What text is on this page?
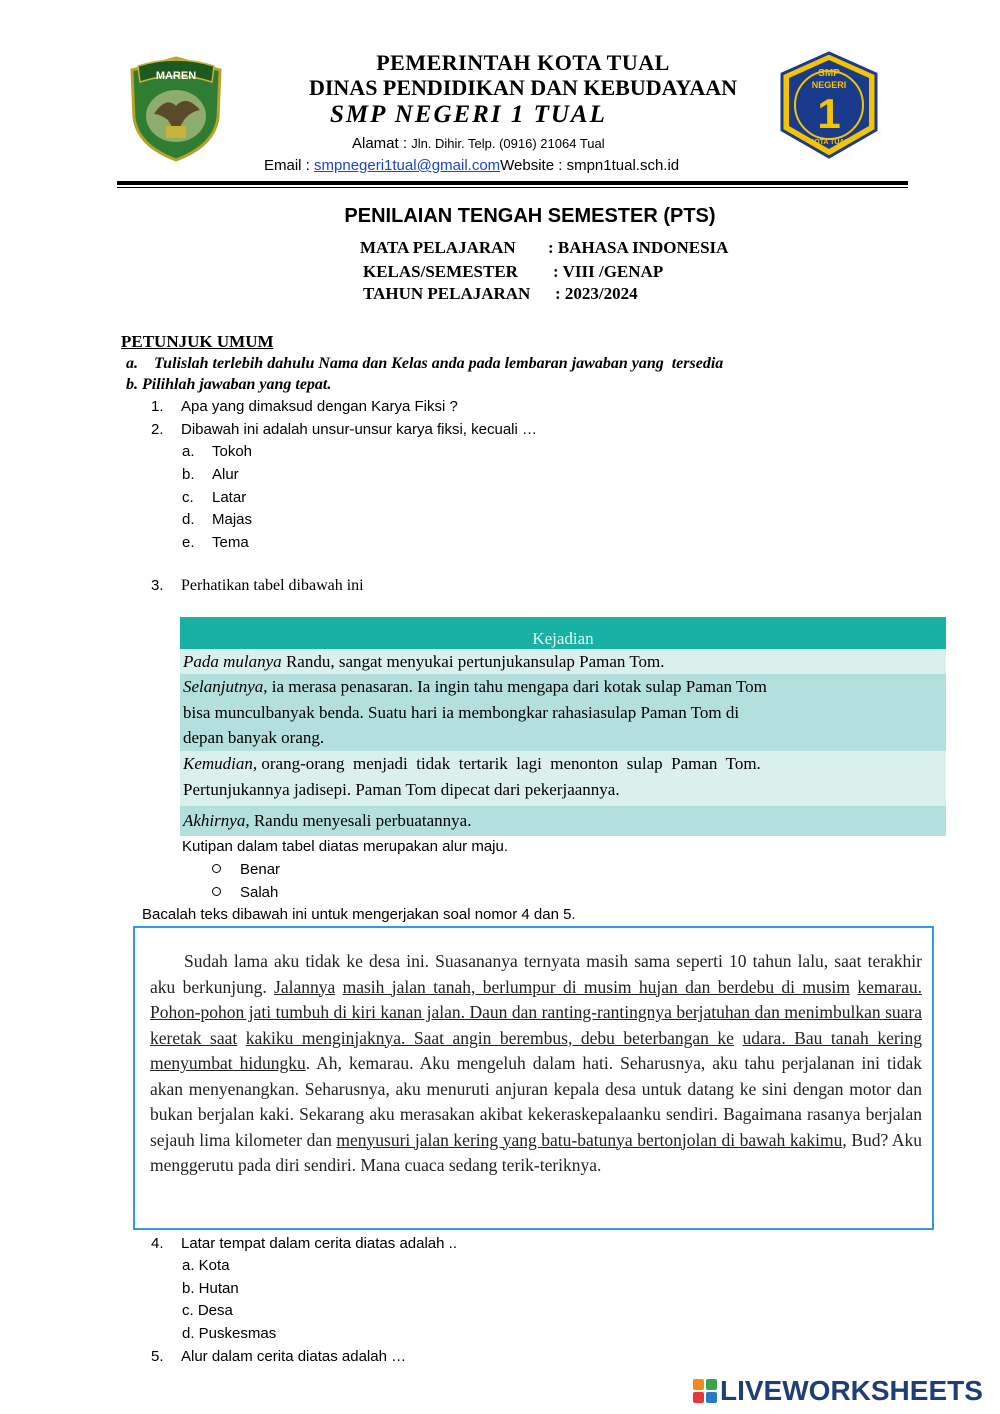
MAREN	SMP
NEGERI
1
KOTA TUAL
PEMERINTAH KOTA TUAL
DINAS PENDIDIKAN DAN KEBUDAYAAN
SMP NEGERI 1 TUAL
Alamat : Jln. Dihir. Telp. (0916) 21064 Tual
Email : smpnegeri1tual@gmail.comWebsite : smpn1tual.sch.id
PENILAIAN TENGAH SEMESTER (PTS)
MATA PELAJARAN : BAHASA INDONESIA
KELAS/SEMESTER : VIII /GENAP
TAHUN PELAJARAN : 2023/2024
PETUNJUK UMUM
a.    Tulislah terlebih dahulu Nama dan Kelas anda pada lembaran jawaban yang  tersedia
b. Pilihlah jawaban yang tepat.
1. Apa yang dimaksud dengan Karya Fiksi ?
2. Dibawah ini adalah unsur-unsur karya fiksi, kecuali …
a. Tokoh
b. Alur
c. Latar
d. Majas
e. Tema
3. Perhatikan tabel dibawah ini
Kejadian
Pada mulanya Randu, sangat menyukai pertunjukansulap Paman Tom.
Selanjutnya, ia merasa penasaran. Ia ingin tahu mengapa dari kotak sulap Paman Tom
bisa munculbanyak benda. Suatu hari ia membongkar rahasiasulap Paman Tom di
depan banyak orang.
Kemudian, orang-orang  menjadi  tidak  tertarik  lagi  menonton  sulap  Paman  Tom.
Pertunjukannya jadisepi. Paman Tom dipecat dari pekerjaannya.
Akhirnya, Randu menyesali perbuatannya.
Kutipan dalam tabel diatas merupakan alur maju.
Benar
Salah
Bacalah teks dibawah ini untuk mengerjakan soal nomor 4 dan 5.
Sudah lama aku tidak ke desa ini. Suasananya ternyata masih sama seperti 10 tahun lalu, saat terakhir aku berkunjung. Jalannya masih jalan tanah, berlumpur di musim hujan dan berdebu di musim kemarau. Pohon-pohon jati tumbuh di kiri kanan jalan. Daun dan ranting-rantingnya berjatuhan dan menimbulkan suara keretak saat kakiku menginjaknya. Saat angin berembus, debu beterbangan ke udara. Bau tanah kering menyumbat hidungku. Ah, kemarau. Aku mengeluh dalam hati. Seharusnya, aku tahu perjalanan ini tidak akan menyenangkan. Seharusnya, aku menuruti anjuran kepala desa untuk datang ke sini dengan motor dan bukan berjalan kaki. Sekarang aku merasakan akibat kekeraskepalaanku sendiri. Bagaimana rasanya berjalan sejauh lima kilometer dan menyusuri jalan kering yang batu-batunya bertonjolan di bawah kakimu, Bud? Aku menggerutu pada diri sendiri. Mana cuaca sedang terik-teriknya.
4. Latar tempat dalam cerita diatas adalah ..
a. Kota
b. Hutan
c. Desa
d. Puskesmas
5. Alur dalam cerita diatas adalah …
LIVEWORKSHEETS
